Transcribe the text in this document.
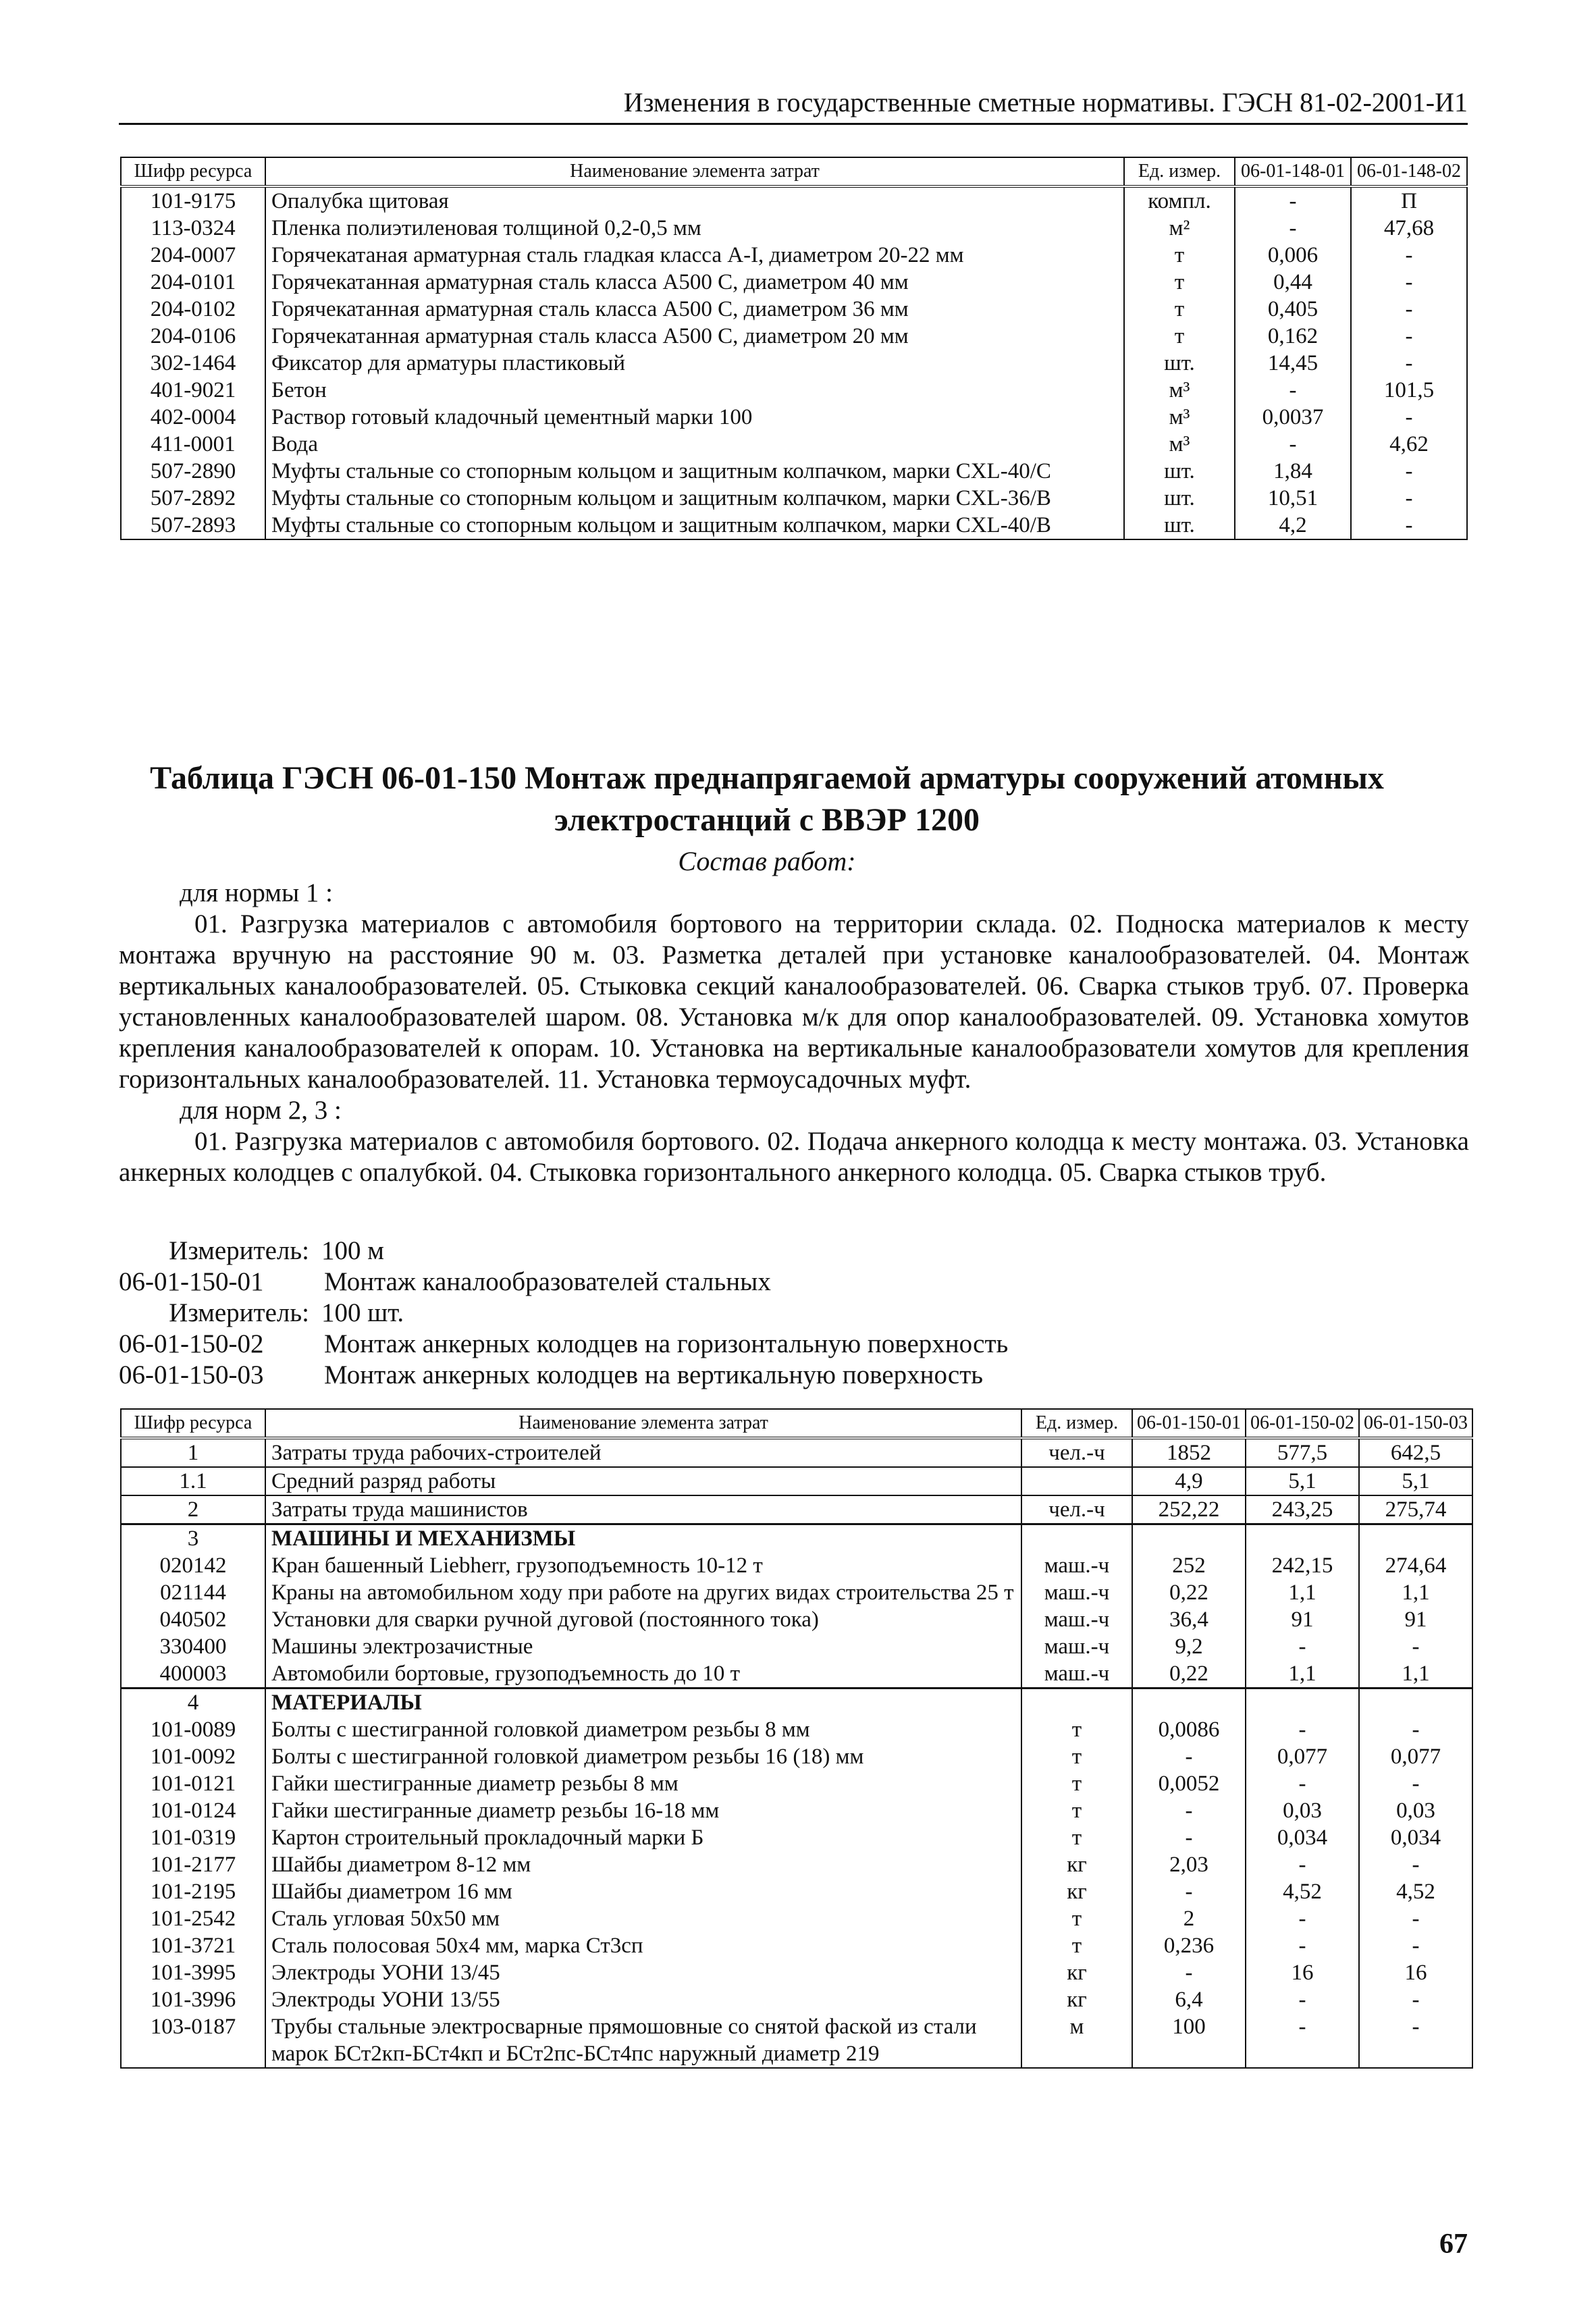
Изменения в государственные сметные нормативы. ГЭСН 81-02-2001-И1
Шифр ресурса	Наименование элемента затрат	Ед. измер.	06-01-148-01	06-01-148-02
101-9175	Опалубка щитовая	компл.	-	П
113-0324	Пленка полиэтиленовая толщиной 0,2-0,5 мм	м²	-	47,68
204-0007	Горячекатаная арматурная сталь гладкая класса А-I, диаметром 20-22 мм	т	0,006	-
204-0101	Горячекатанная арматурная сталь класса А500 С, диаметром 40 мм	т	0,44	-
204-0102	Горячекатанная арматурная сталь класса А500 С, диаметром 36 мм	т	0,405	-
204-0106	Горячекатанная арматурная сталь класса А500 С, диаметром 20 мм	т	0,162	-
302-1464	Фиксатор для арматуры пластиковый	шт.	14,45	-
401-9021	Бетон	м³	-	101,5
402-0004	Раствор готовый кладочный цементный марки 100	м³	0,0037	-
411-0001	Вода	м³	-	4,62
507-2890	Муфты стальные со стопорным кольцом и защитным колпачком, марки CXL-40/C	шт.	1,84	-
507-2892	Муфты стальные со стопорным кольцом и защитным колпачком, марки CXL-36/B	шт.	10,51	-
507-2893	Муфты стальные со стопорным кольцом и защитным колпачком, марки CXL-40/B	шт.	4,2	-
Таблица ГЭСН 06-01-150 Монтаж преднапрягаемой арматуры сооружений атомных электростанций с ВВЭР 1200
Состав работ:

для нормы 1 :

01. Разгрузка материалов с автомобиля бортового на территории склада. 02. Подноска материалов к месту монтажа вручную на расстояние 90 м. 03. Разметка деталей при установке каналообразователей. 04. Монтаж вертикальных каналообразователей. 05. Стыковка секций каналообразователей. 06. Сварка стыков труб. 07. Проверка установленных каналообразователей шаром. 08. Установка м/к для опор каналообразователей. 09. Установка хомутов крепления каналообразователей к опорам. 10. Установка на вертикальные каналообразователи хомутов для крепления горизонтальных каналообразователей. 11. Установка термоусадочных муфт.

для норм 2, 3 :

01. Разгрузка материалов с автомобиля бортового. 02. Подача анкерного колодца к месту монтажа. 03. Установка анкерных колодцев с опалубкой. 04. Стыковка горизонтального анкерного колодца. 05. Сварка стыков труб.

Измеритель: 100 м
06-01-150-01	Монтаж каналообразователей стальных
Измеритель: 100 шт.
06-01-150-02	Монтаж анкерных колодцев на горизонтальную поверхность
06-01-150-03	Монтаж анкерных колодцев на вертикальную поверхность
Шифр ресурса	Наименование элемента затрат	Ед. измер.	06-01-150-01	06-01-150-02	06-01-150-03
1	Затраты труда рабочих-строителей	чел.-ч	1852	577,5	642,5
1.1	Средний разряд работы		4,9	5,1	5,1
2	Затраты труда машинистов	чел.-ч	252,22	243,25	275,74
3	МАШИНЫ И МЕХАНИЗМЫ				
020142	Кран башенный Liebherr, грузоподъемность 10-12 т	маш.-ч	252	242,15	274,64
021144	Краны на автомобильном ходу при работе на других видах строительства 25 т	маш.-ч	0,22	1,1	1,1
040502	Установки для сварки ручной дуговой (постоянного тока)	маш.-ч	36,4	91	91
330400	Машины электрозачистные	маш.-ч	9,2	-	-
400003	Автомобили бортовые, грузоподъемность до 10 т	маш.-ч	0,22	1,1	1,1
4	МАТЕРИАЛЫ				
101-0089	Болты с шестигранной головкой диаметром резьбы 8 мм	т	0,0086	-	-
101-0092	Болты с шестигранной головкой диаметром резьбы 16 (18) мм	т	-	0,077	0,077
101-0121	Гайки шестигранные диаметр резьбы 8 мм	т	0,0052	-	-
101-0124	Гайки шестигранные диаметр резьбы 16-18 мм	т	-	0,03	0,03
101-0319	Картон строительный прокладочный марки Б	т	-	0,034	0,034
101-2177	Шайбы диаметром 8-12 мм	кг	2,03	-	-
101-2195	Шайбы диаметром 16 мм	кг	-	4,52	4,52
101-2542	Сталь угловая 50х50 мм	т	2	-	-
101-3721	Сталь полосовая 50х4 мм, марка Ст3сп	т	0,236	-	-
101-3995	Электроды УОНИ 13/45	кг	-	16	16
101-3996	Электроды УОНИ 13/55	кг	6,4	-	-
103-0187	Трубы стальные электросварные прямошовные со снятой фаской из стали марок БСт2кп-БСт4кп и БСт2пс-БСт4пс наружный диаметр 219	м	100	-	-
67
